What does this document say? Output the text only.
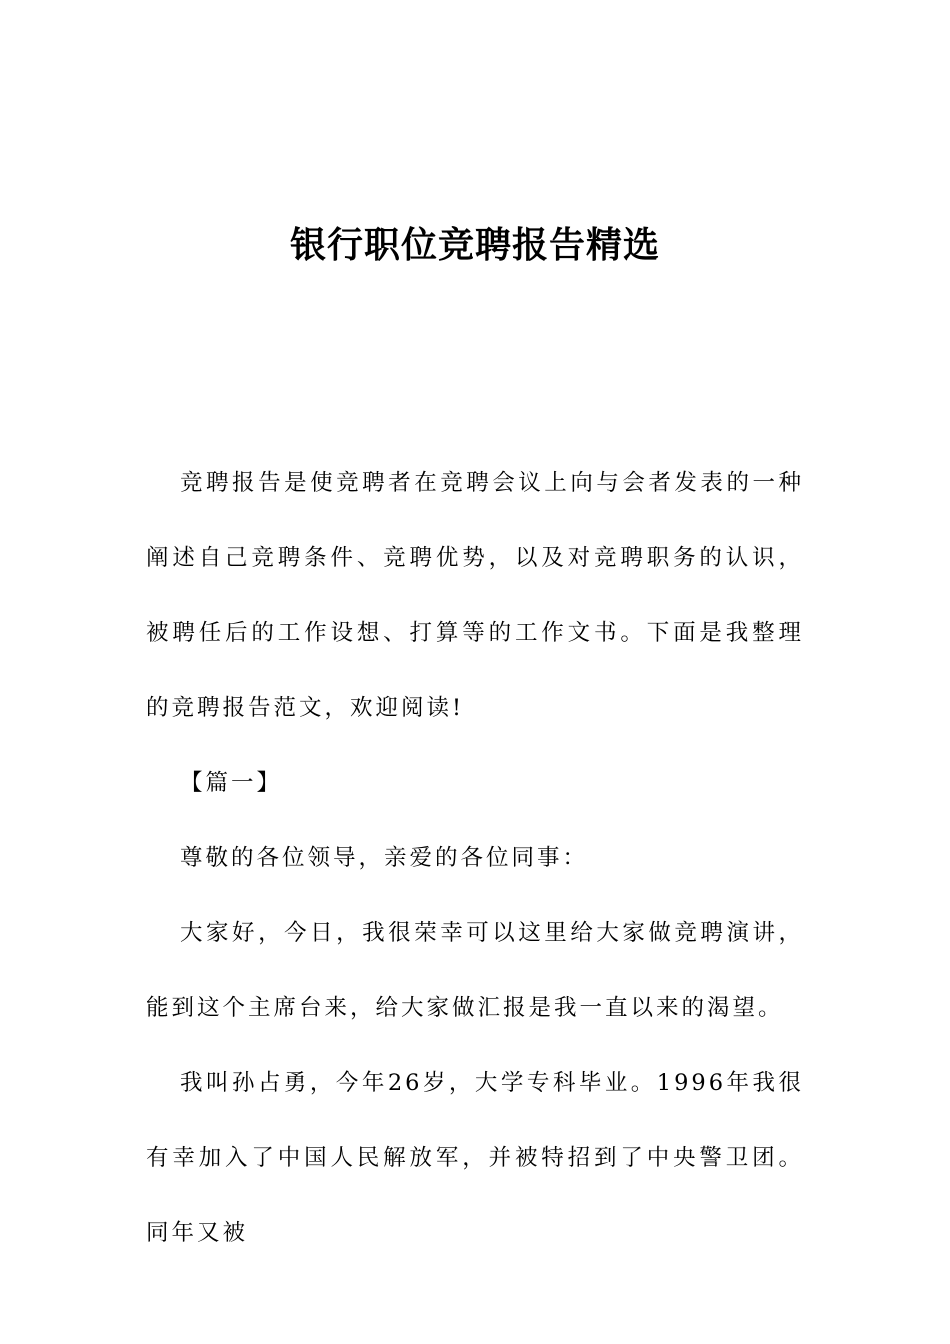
银行职位竞聘报告精选

竞聘报告是使竞聘者在竞聘会议上向与会者发表的一种阐述自己竞聘条件、竞聘优势，以及对竞聘职务的认识，被聘任后的工作设想、打算等的工作文书。下面是我整理的竞聘报告范文，欢迎阅读!

【篇一】

尊敬的各位领导，亲爱的各位同事：

大家好，今日，我很荣幸可以这里给大家做竞聘演讲，能到这个主席台来，给大家做汇报是我一直以来的渴望。

我叫孙占勇，今年26岁，大学专科毕业。1996年我很有幸加入了中国人民解放军，并被特招到了中央警卫团。同年又被
